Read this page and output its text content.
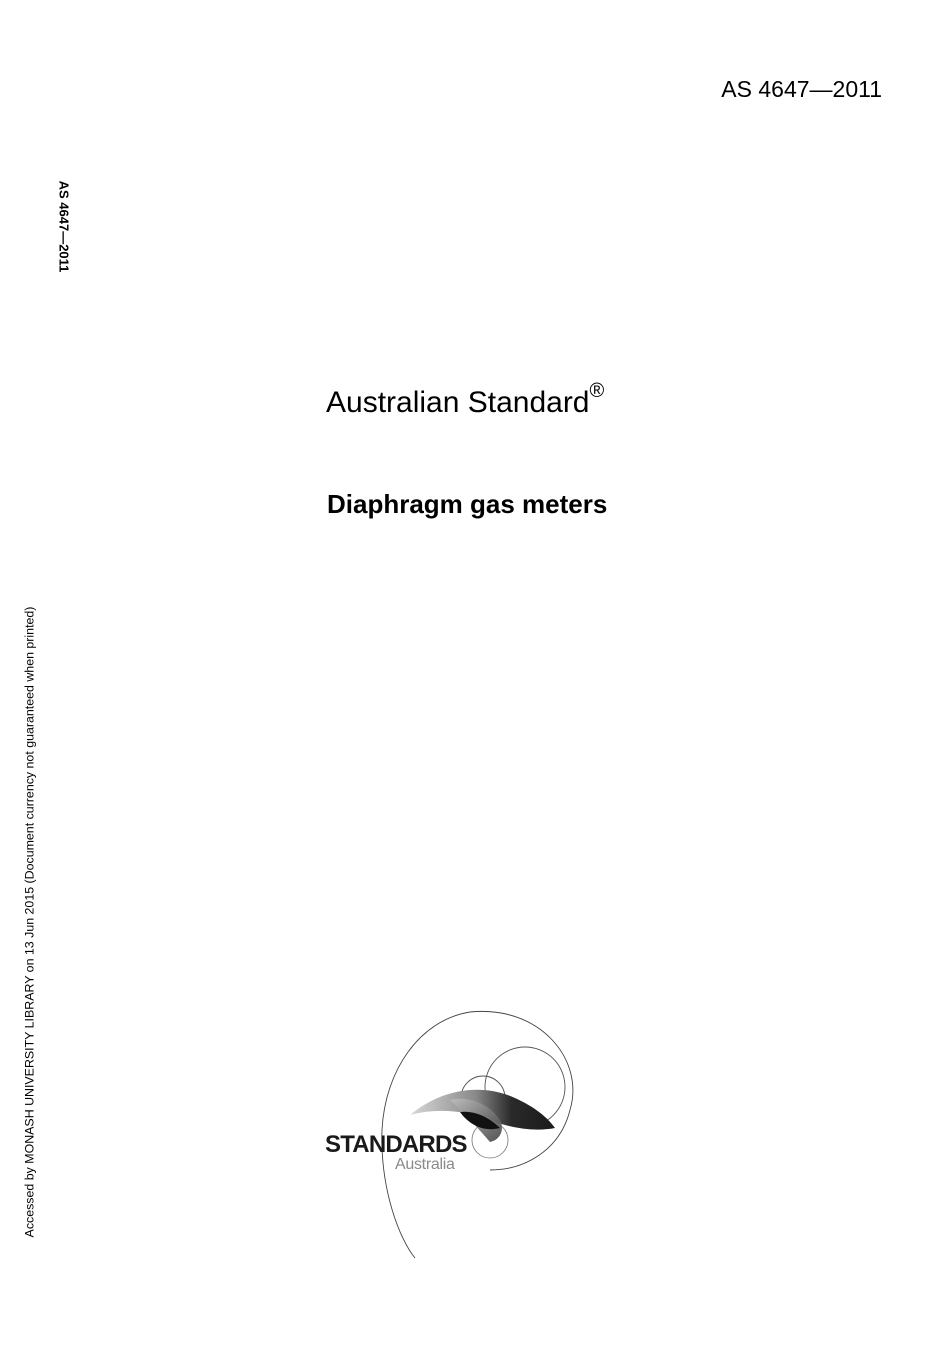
AS 4647—2011
AS 4647—2011
Accessed by MONASH UNIVERSITY LIBRARY on 13 Jun 2015 (Document currency not guaranteed when printed)
Australian Standard®
Diaphragm gas meters
STANDARDS
Australia
